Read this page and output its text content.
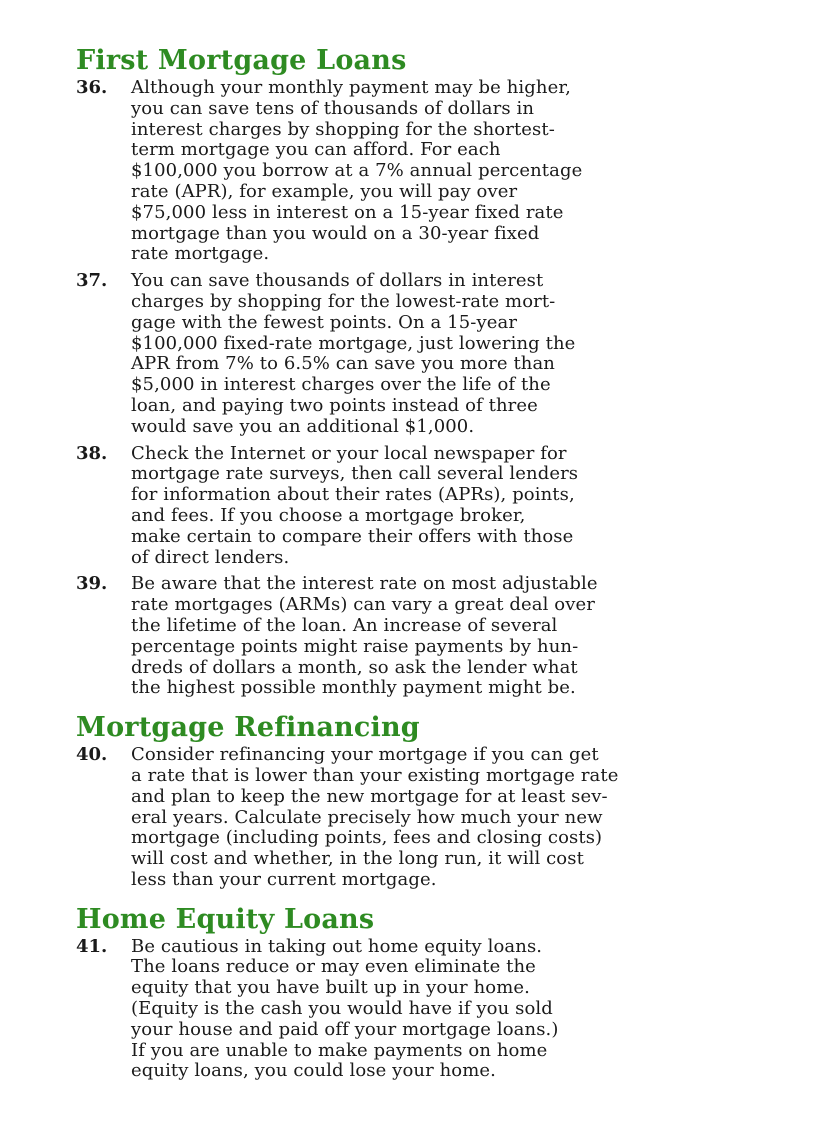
First Mortgage Loans
36.	Although your monthly payment may be higher,
you can save tens of thousands of dollars in
interest charges by shopping for the shortest-
term mortgage you can afford. For each
$100,000 you borrow at a 7% annual percentage
rate (APR), for example, you will pay over
$75,000 less in interest on a 15-year fixed rate
mortgage than you would on a 30-year fixed
rate mortgage.
37.	You can save thousands of dollars in interest
charges by shopping for the lowest-rate mort-
gage with the fewest points. On a 15-year
$100,000 fixed-rate mortgage, just lowering the
APR from 7% to 6.5% can save you more than
$5,000 in interest charges over the life of the
loan, and paying two points instead of three
would save you an additional $1,000.
38.	Check the Internet or your local newspaper for
mortgage rate surveys, then call several lenders
for information about their rates (APRs), points,
and fees. If you choose a mortgage broker,
make certain to compare their offers with those
of direct lenders.
39.	Be aware that the interest rate on most adjustable
rate mortgages (ARMs) can vary a great deal over
the lifetime of the loan. An increase of several
percentage points might raise payments by hun-
dreds of dollars a month, so ask the lender what
the highest possible monthly payment might be.
Mortgage Refinancing
40.	Consider refinancing your mortgage if you can get
a rate that is lower than your existing mortgage rate
and plan to keep the new mortgage for at least sev-
eral years. Calculate precisely how much your new
mortgage (including points, fees and closing costs)
will cost and whether, in the long run, it will cost
less than your current mortgage.
Home Equity Loans
41.	Be cautious in taking out home equity loans.
The loans reduce or may even eliminate the
equity that you have built up in your home.
(Equity is the cash you would have if you sold
your house and paid off your mortgage loans.)
If you are unable to make payments on home
equity loans, you could lose your home.
